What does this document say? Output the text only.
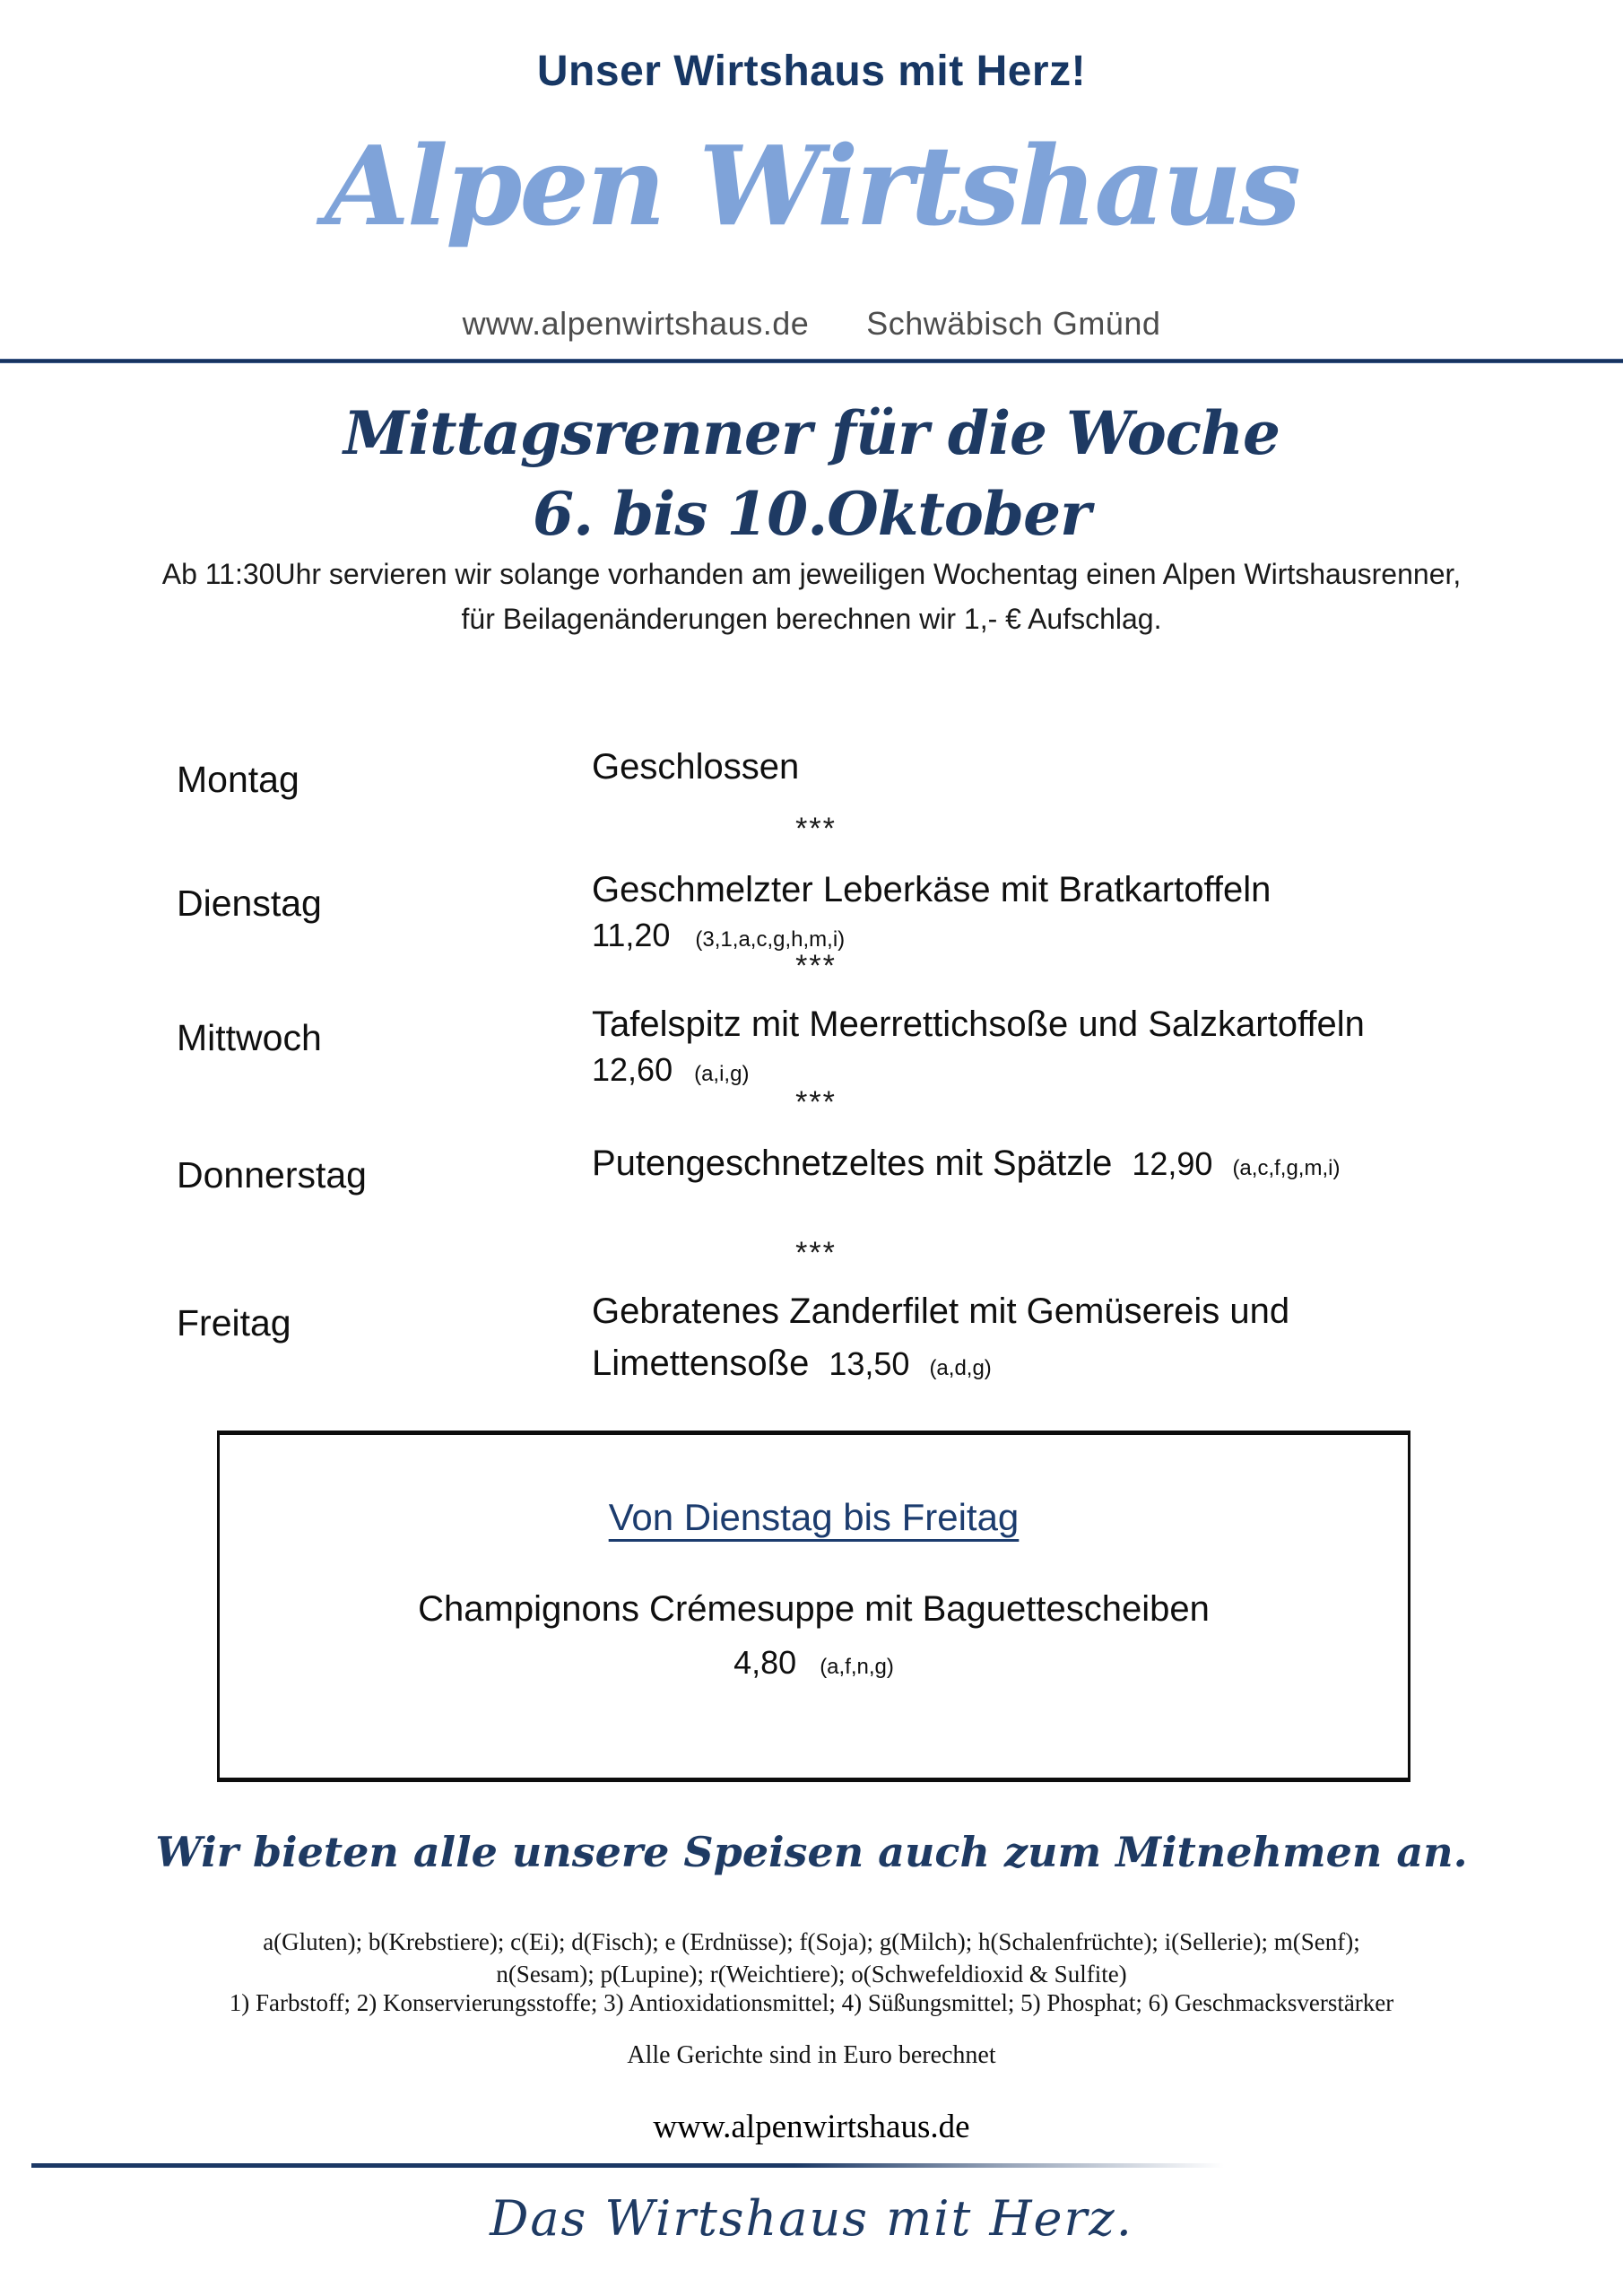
Unser Wirtshaus mit Herz!
Alpen Wirtshaus
www.alpenwirtshaus.de Schwäbisch Gmünd
Mittagsrenner für die Woche
6. bis 10.Oktober
Ab 11:30Uhr servieren wir solange vorhanden am jeweiligen Wochentag einen Alpen Wirtshausrenner,
für Beilagenänderungen berechnen wir 1,- € Aufschlag.
Montag	Geschlossen
***
Dienstag	Geschmelzter Leberkäse mit Bratkartoffeln
11,20 (3,1,a,c,g,h,m,i)
***
Mittwoch	Tafelspitz mit Meerrettichsoße und Salzkartoffeln
12,60 (a,i,g)
***
Donnerstag	Putengeschnetzeltes mit Spätzle 12,90 (a,c,f,g,m,i)
***
Freitag	Gebratenes Zanderfilet mit Gemüsereis und
Limettensoße 13,50 (a,d,g)
Von Dienstag bis Freitag
Champignons Crémesuppe mit Baguettescheiben
4,80 (a,f,n,g)
Wir bieten alle unsere Speisen auch zum Mitnehmen an.
a(Gluten); b(Krebstiere); c(Ei); d(Fisch); e (Erdnüsse); f(Soja); g(Milch); h(Schalenfrüchte); i(Sellerie); m(Senf);
n(Sesam); p(Lupine); r(Weichtiere); o(Schwefeldioxid & Sulfite)
1) Farbstoff; 2) Konservierungsstoffe; 3) Antioxidationsmittel; 4) Süßungsmittel; 5) Phosphat; 6) Geschmacksverstärker
Alle Gerichte sind in Euro berechnet
www.alpenwirtshaus.de
Das Wirtshaus mit Herz.
